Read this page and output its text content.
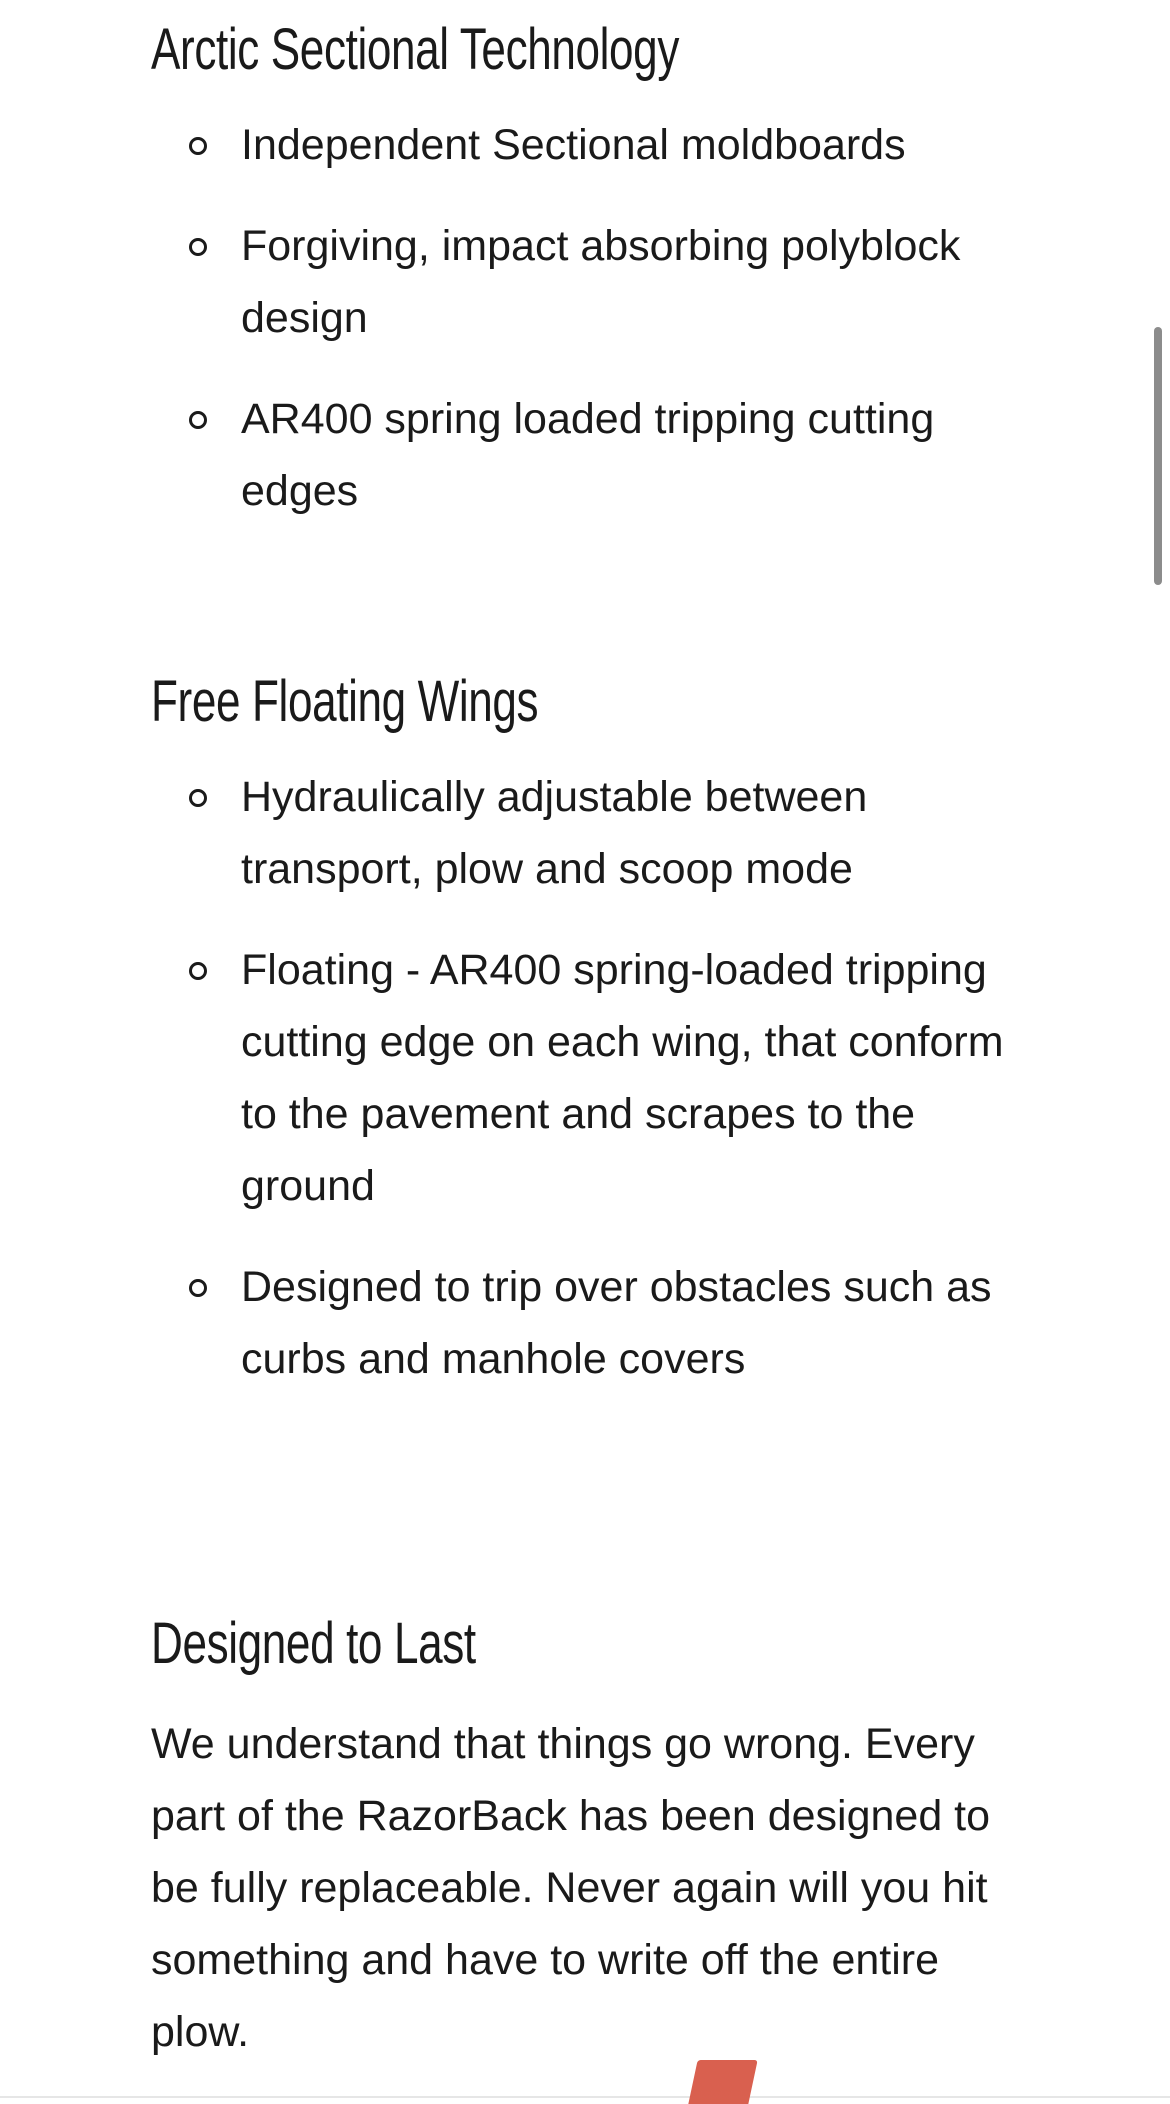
Arctic Sectional Technology
Independent Sectional moldboards
Forgiving, impact absorbing polyblock design
AR400 spring loaded tripping cutting edges
Free Floating Wings
Hydraulically adjustable between transport, plow and scoop mode
Floating - AR400 spring-loaded tripping cutting edge on each wing, that conform to the pavement and scrapes to the ground
Designed to trip over obstacles such as curbs and manhole covers
Designed to Last

We understand that things go wrong. Every part of the RazorBack has been designed to be fully replaceable. Never again will you hit something and have to write off the entire plow.
